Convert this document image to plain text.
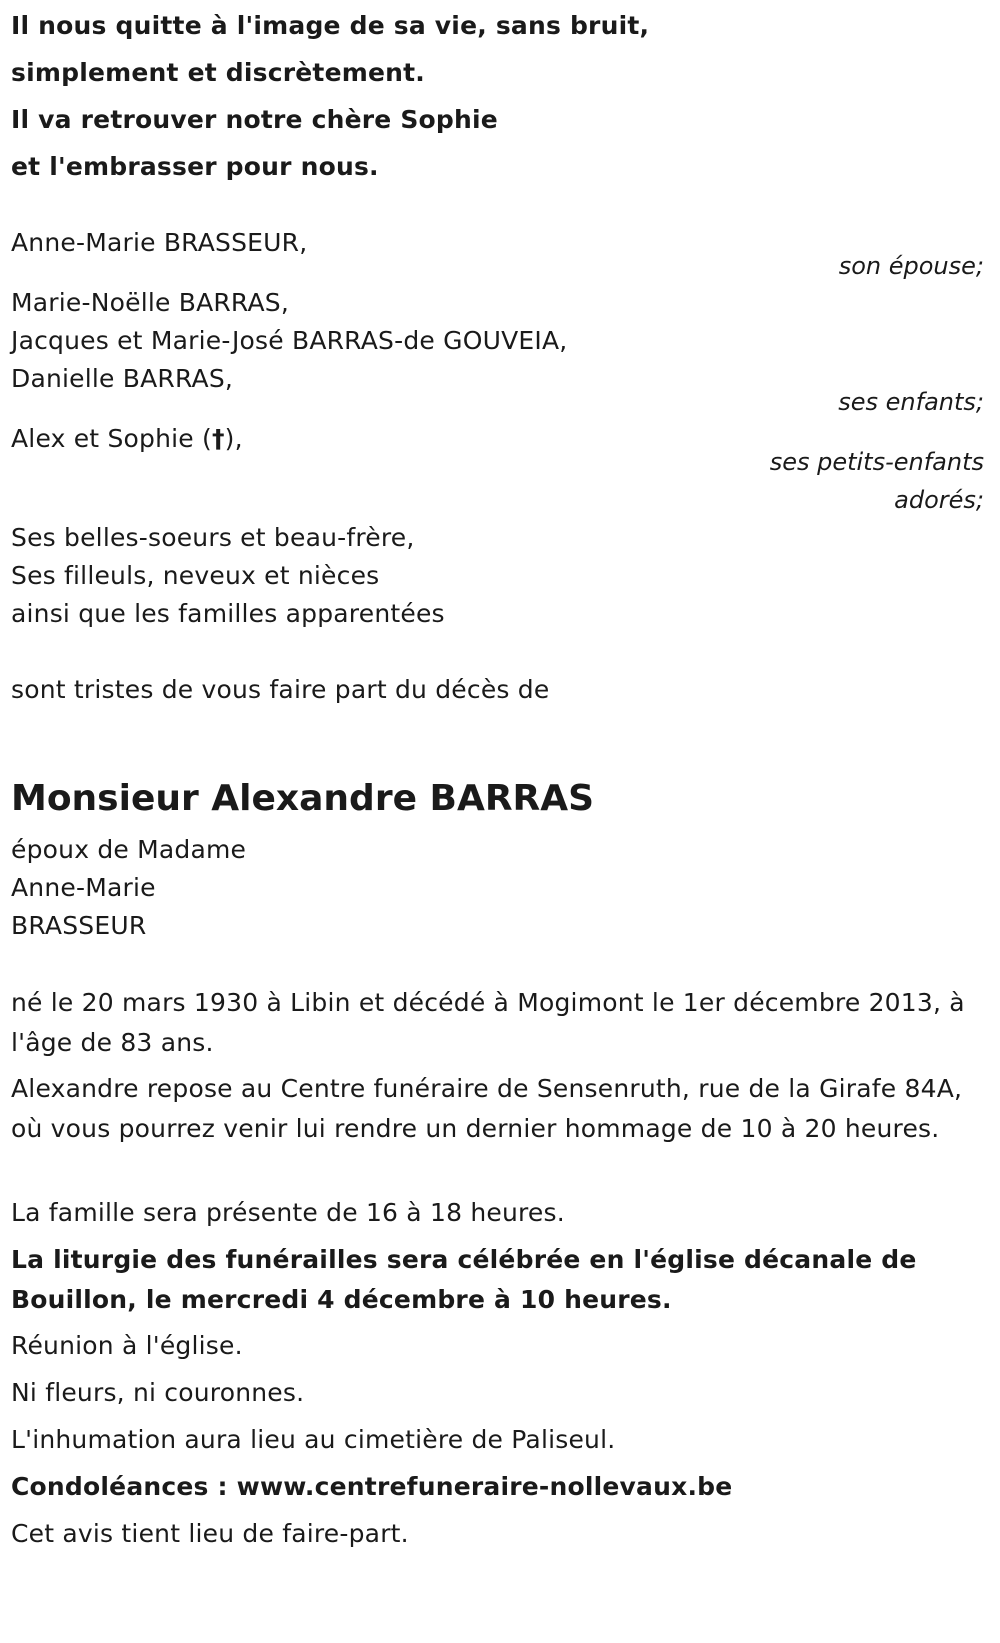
Il nous quitte à l'image de sa vie, sans bruit,
simplement et discrètement.
Il va retrouver notre chère Sophie
et l'embrasser pour nous.
Anne-Marie BRASSEUR,
son épouse;
Marie-Noëlle BARRAS,
Jacques et Marie-José BARRAS-de GOUVEIA,
Danielle BARRAS,
ses enfants;
Alex et Sophie (†),
ses petits-enfants
adorés;
Ses belles-soeurs et beau-frère,
Ses filleuls, neveux et nièces
ainsi que les familles apparentées
sont tristes de vous faire part du décès de
Monsieur Alexandre BARRAS
époux de Madame
Anne-Marie
BRASSEUR
né le 20 mars 1930 à Libin et décédé à Mogimont le 1er décembre 2013, à l'âge de 83 ans.
Alexandre repose au Centre funéraire de Sensenruth, rue de la Girafe 84A, où vous pourrez venir lui rendre un dernier hommage de 10 à 20 heures.
La famille sera présente de 16 à 18 heures.
La liturgie des funérailles sera célébrée en l'église décanale de Bouillon, le mercredi 4 décembre à 10 heures.
Réunion à l'église.
Ni fleurs, ni couronnes.
L'inhumation aura lieu au cimetière de Paliseul.
Condoléances : www.centrefuneraire-nollevaux.be
Cet avis tient lieu de faire-part.
